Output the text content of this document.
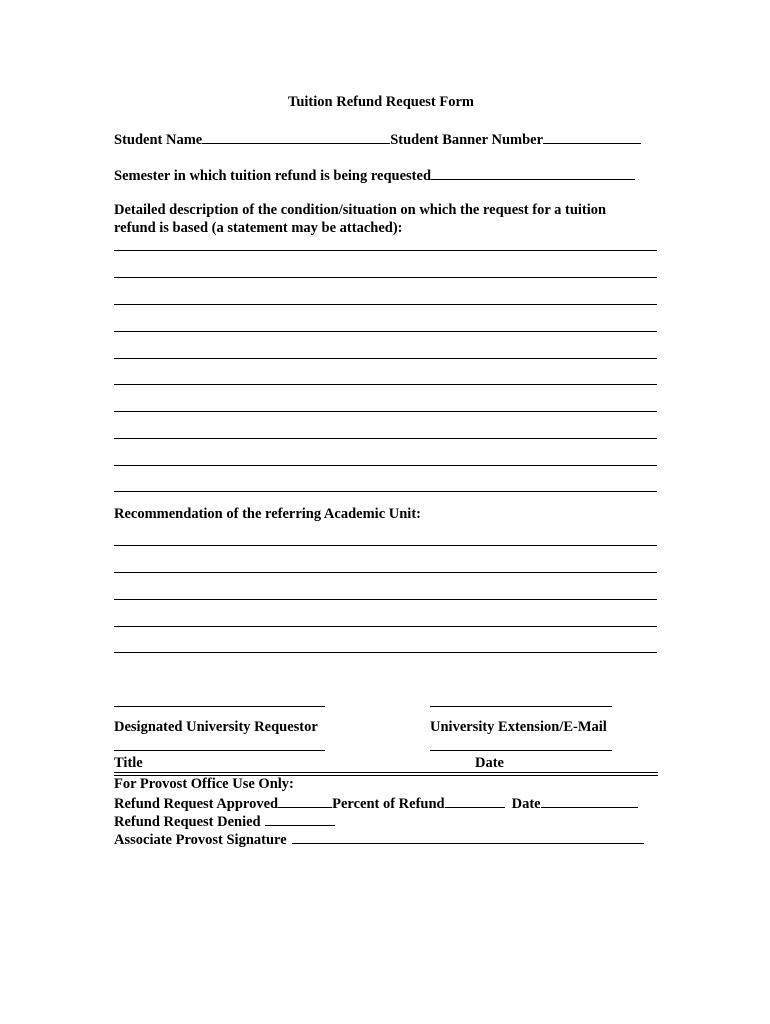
Tuition Refund Request Form
Student Name	Student Banner Number
Semester in which tuition refund is being requested
Detailed description of the condition/situation on which the request for a tuition
refund is based (a statement may be attached):
Recommendation of the referring Academic Unit:
Designated University Requestor	University Extension/E-Mail
Title	Date
For Provost Office Use Only:
Refund Request Approved	Percent of Refund	Date
Refund Request Denied
Associate Provost Signature
